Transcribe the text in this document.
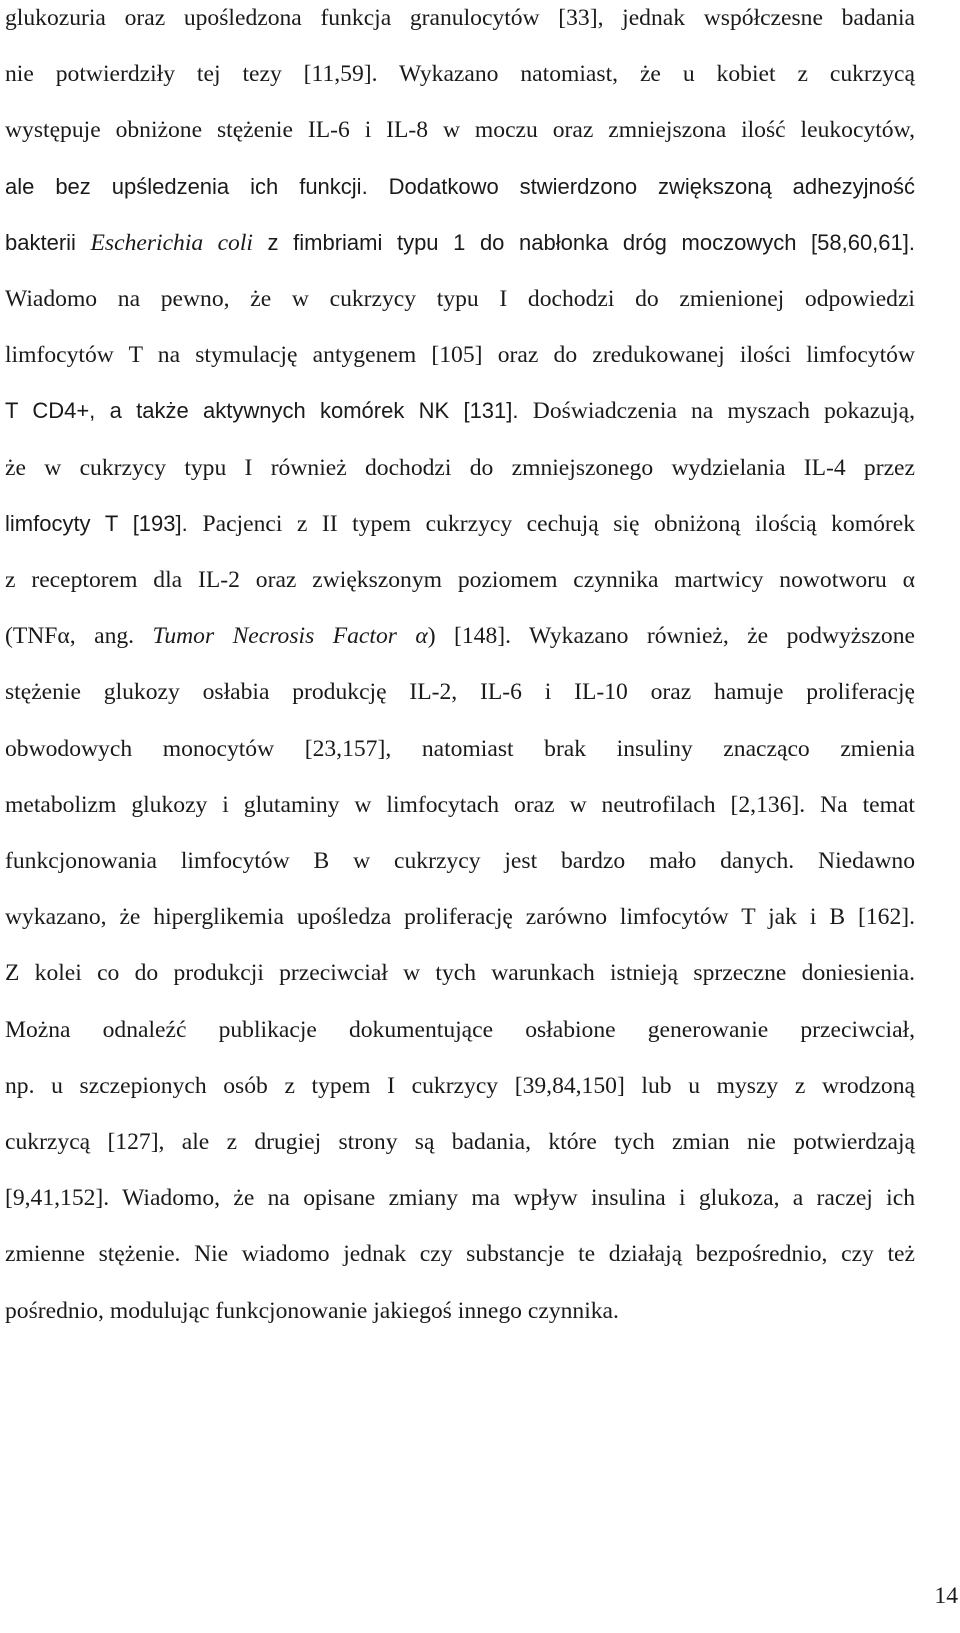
glukozuria oraz upośledzona funkcja granulocytów [33], jednak współczesne badania
nie potwierdziły tej tezy [11,59]. Wykazano natomiast, że u kobiet z cukrzycą
występuje obniżone stężenie IL-6 i IL-8 w moczu oraz zmniejszona ilość leukocytów,
ale bez upśledzenia ich funkcji. Dodatkowo stwierdzono zwiększoną adhezyjność
bakterii Escherichia coli z fimbriami typu 1 do nabłonka dróg moczowych [58,60,61].
Wiadomo na pewno, że w cukrzycy typu I dochodzi do zmienionej odpowiedzi
limfocytów T na stymulację antygenem [105] oraz do zredukowanej ilości limfocytów
T CD4+, a także aktywnych komórek NK [131]. Doświadczenia na myszach pokazują,
że w cukrzycy typu I również dochodzi do zmniejszonego wydzielania IL-4 przez
limfocyty T [193]. Pacjenci z II typem cukrzycy cechują się obniżoną ilością komórek
z receptorem dla IL-2 oraz zwiększonym poziomem czynnika martwicy nowotworu α
(TNFα, ang. Tumor Necrosis Factor α) [148]. Wykazano również, że podwyższone
stężenie glukozy osłabia produkcję IL-2, IL-6 i IL-10 oraz hamuje proliferację
obwodowych monocytów [23,157], natomiast brak insuliny znacząco zmienia
metabolizm glukozy i glutaminy w limfocytach oraz w neutrofilach [2,136]. Na temat
funkcjonowania limfocytów B w cukrzycy jest bardzo mało danych. Niedawno
wykazano, że hiperglikemia upośledza proliferację zarówno limfocytów T jak i B [162].
Z kolei co do produkcji przeciwciał w tych warunkach istnieją sprzeczne doniesienia.
Można odnaleźć publikacje dokumentujące osłabione generowanie przeciwciał,
np. u szczepionych osób z typem I cukrzycy [39,84,150] lub u myszy z wrodzoną
cukrzycą [127], ale z drugiej strony są badania, które tych zmian nie potwierdzają
[9,41,152]. Wiadomo, że na opisane zmiany ma wpływ insulina i glukoza, a raczej ich
zmienne stężenie. Nie wiadomo jednak czy substancje te działają bezpośrednio, czy też
pośrednio, modulując funkcjonowanie jakiegoś innego czynnika.
14
